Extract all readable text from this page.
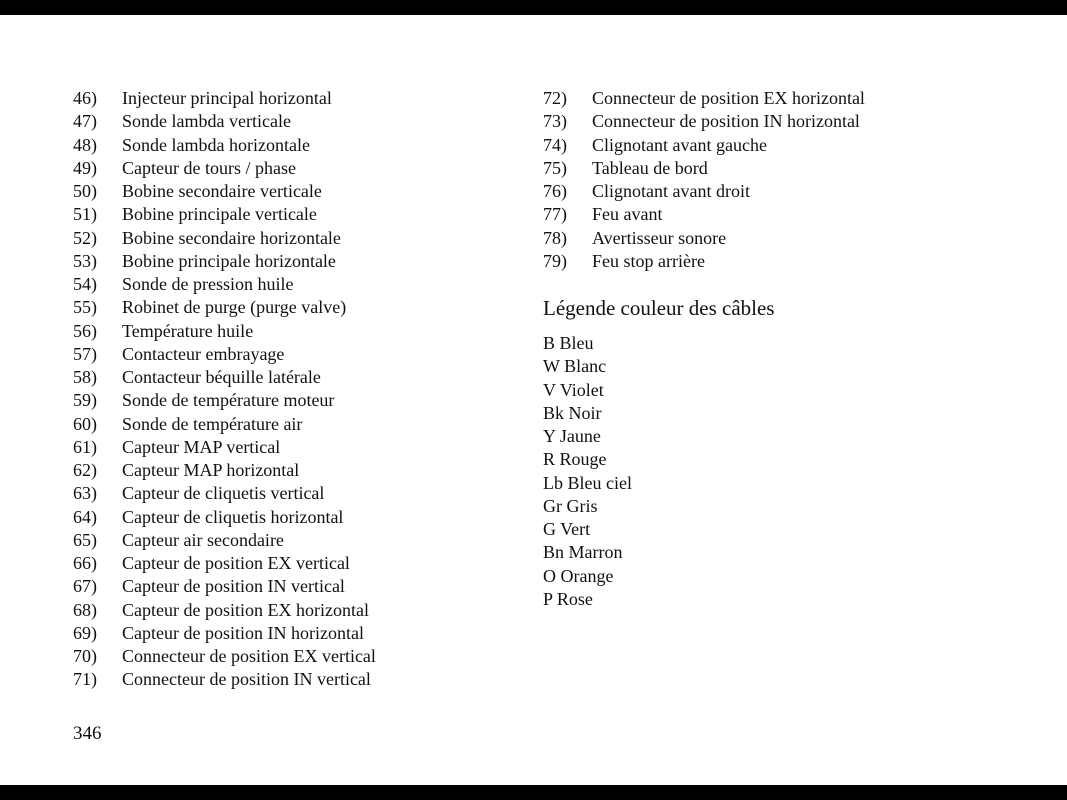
46)	Injecteur principal horizontal
47)	Sonde lambda verticale
48)	Sonde lambda horizontale
49)	Capteur de tours / phase
50)	Bobine secondaire verticale
51)	Bobine principale verticale
52)	Bobine secondaire horizontale
53)	Bobine principale horizontale
54)	Sonde de pression huile
55)	Robinet de purge (purge valve)
56)	Température huile
57)	Contacteur embrayage
58)	Contacteur béquille latérale
59)	Sonde de température moteur
60)	Sonde de température air
61)	Capteur MAP vertical
62)	Capteur MAP horizontal
63)	Capteur de cliquetis vertical
64)	Capteur de cliquetis horizontal
65)	Capteur air secondaire
66)	Capteur de position EX vertical
67)	Capteur de position IN vertical
68)	Capteur de position EX horizontal
69)	Capteur de position IN horizontal
70)	Connecteur de position EX vertical
71)	Connecteur de position IN vertical
72)	Connecteur de position EX horizontal
73)	Connecteur de position IN horizontal
74)	Clignotant avant gauche
75)	Tableau de bord
76)	Clignotant avant droit
77)	Feu avant
78)	Avertisseur sonore
79)	Feu stop arrière
Légende couleur des câbles
B Bleu
W Blanc
V Violet
Bk Noir
Y Jaune
R Rouge
Lb Bleu ciel
Gr Gris
G Vert
Bn Marron
O Orange
P Rose
346
